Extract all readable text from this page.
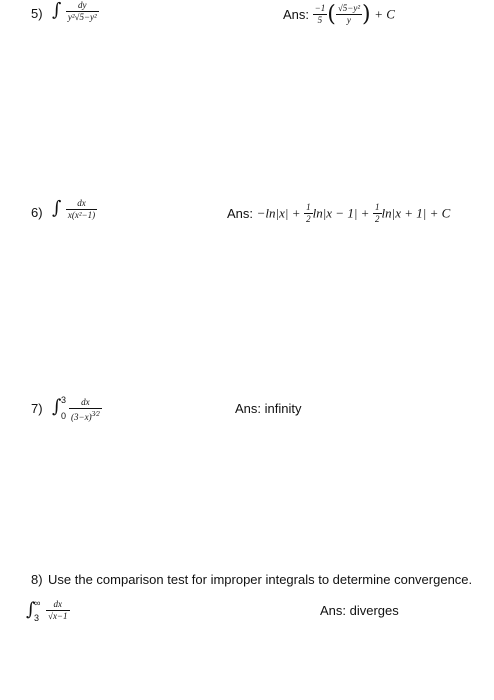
5) ∫ $\frac{dy}{\text{y²√5−y²}}$	Ans: $\frac{-1}{5}$ ( $\frac{\text{√5−y²}}{y}$ ) + C
6) ∫ $\frac{dx}{\text{x(x²−1)}}$	Ans: $-\ln|x| + \frac{1}{2} \ln|x - 1| + \frac{1}{2} \ln|x + 1| + C$
7) ∫ 3
$0 \frac{dx}{(3-x)^{3⁄2}}$	Ans: infinity
8) Use the comparison test for improper integrals to determine convergence.
∫
∞
$3 \frac{dx}{√x-1}$	Ans: diverges
